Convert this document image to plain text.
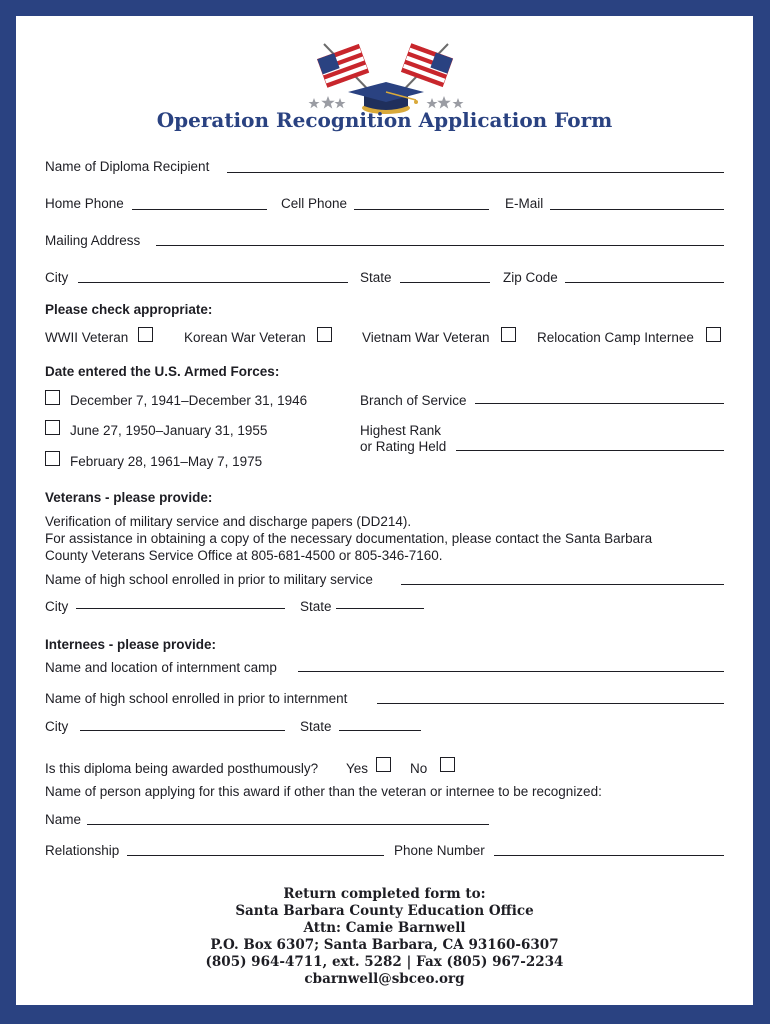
Operation Recognition Application Form
Name of Diploma Recipient
Home Phone	Cell Phone	E-Mail
Mailing Address
City	State	Zip Code
Please check appropriate:
WWII Veteran	Korean War Veteran	Vietnam War Veteran	Relocation Camp Internee
Date entered the U.S. Armed Forces:
December 7, 1941–December 31, 1946
June 27, 1950–January 31, 1955
February 28, 1961–May 7, 1975
Branch of Service
Highest Rank
or Rating Held
Veterans - please provide:
Verification of military service and discharge papers (DD214).
For assistance in obtaining a copy of the necessary documentation, please contact the Santa Barbara
County Veterans Service Office at 805-681-4500 or 805-346-7160.
Name of high school enrolled in prior to military service
City	State
Internees - please provide:
Name and location of internment camp
Name of high school enrolled in prior to internment
City	State
Is this diploma being awarded posthumously? Yes	No
Name of person applying for this award if other than the veteran or internee to be recognized:
Name
Relationship	Phone Number
Return completed form to:
Santa Barbara County Education Office
Attn: Camie Barnwell
P.O. Box 6307; Santa Barbara, CA 93160-6307
(805) 964-4711, ext. 5282 | Fax (805) 967-2234
cbarnwell@sbceo.org
